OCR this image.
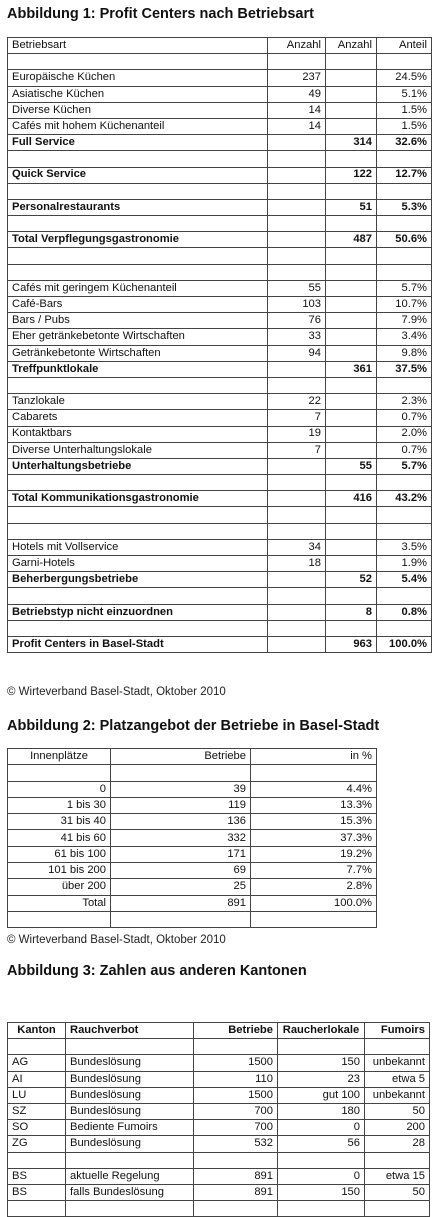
Abbildung 1: Profit Centers nach Betriebsart
Betriebsart	Anzahl	Anzahl	Anteil

Europäische Küchen	237		24.5%
Asiatische Küchen	49		5.1%
Diverse Küchen	14		1.5%
Cafés mit hohem Küchenanteil	14		1.5%
Full Service		314	32.6%

Quick Service		122	12.7%

Personalrestaurants		51	5.3%

Total Verpflegungsgastronomie		487	50.6%

Cafés mit geringem Küchenanteil	55		5.7%
Café-Bars	103		10.7%
Bars / Pubs	76		7.9%
Eher getränkebetonte Wirtschaften	33		3.4%
Getränkebetonte Wirtschaften	94		9.8%
Treffpunktlokale		361	37.5%

Tanzlokale	22		2.3%
Cabarets	7		0.7%
Kontaktbars	19		2.0%
Diverse Unterhaltungslokale	7		0.7%
Unterhaltungsbetriebe		55	5.7%

Total Kommunikationsgastronomie		416	43.2%

Hotels mit Vollservice	34		3.5%
Garni-Hotels	18		1.9%
Beherbergungsbetriebe		52	5.4%

Betriebstyp nicht einzuordnen		8	0.8%

Profit Centers in Basel-Stadt		963	100.0%
© Wirteverband Basel-Stadt, Oktober 2010
Abbildung 2: Platzangebot der Betriebe in Basel-Stadt
Innenplätze	Betriebe	in %

0	39	4.4%
1 bis 30	119	13.3%
31 bis 40	136	15.3%
41 bis 60	332	37.3%
61 bis 100	171	19.2%
101 bis 200	69	7.7%
über 200	25	2.8%
Total	891	100.0%

© Wirteverband Basel-Stadt, Oktober 2010
Abbildung 3: Zahlen aus anderen Kantonen
Kanton	Rauchverbot	Betriebe	Raucherlokale	Fumoirs

AG	Bundeslösung	1500	150	unbekannt
AI	Bundeslösung	110	23	etwa 5
LU	Bundeslösung	1500	gut 100	unbekannt
SZ	Bundeslösung	700	180	50
SO	Bediente Fumoirs	700	0	200
ZG	Bundeslösung	532	56	28

BS	aktuelle Regelung	891	0	etwa 15
BS	falls Bundeslösung	891	150	50
